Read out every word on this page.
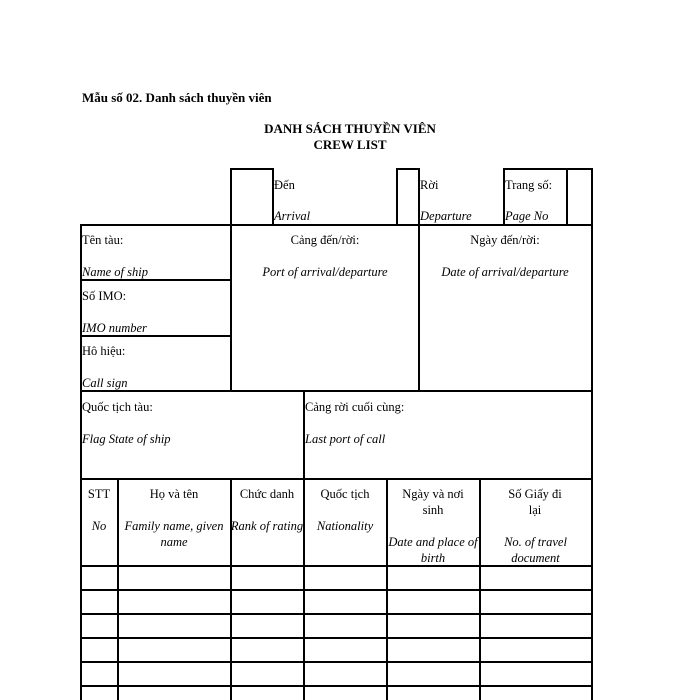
Mẫu số 02. Danh sách thuyền viên
DANH SÁCH THUYỀN VIÊN
CREW LIST
Đến
Arrival
Rời
Departure
Trang số:
Page No
Tên tàu:
Name of ship
Số IMO:
IMO number
Hô hiệu:
Call sign
Cảng đến/rời:
Port of arrival/departure
Ngày đến/rời:
Date of arrival/departure
Quốc tịch tàu:
Flag State of ship
Cảng rời cuối cùng:
Last port of call
STT
No
Họ và tên
Family name, given name
Chức danh
Rank of rating
Quốc tịch
Nationality
Ngày và nơi sinh
Date and place of birth
Số Giấy đi lại
No. of travel document
